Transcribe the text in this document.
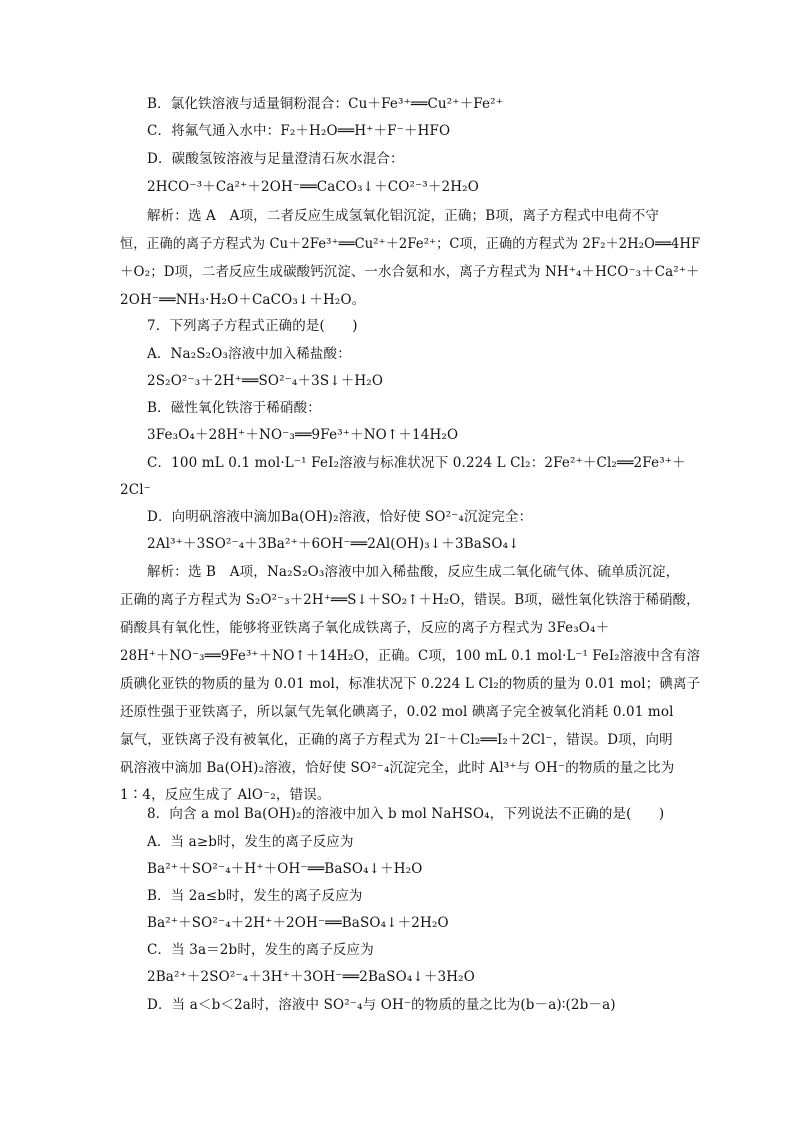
B．氯化铁溶液与适量铜粉混合：Cu＋Fe³⁺══Cu²⁺＋Fe²⁺
C．将氟气通入水中：F₂＋H₂O══H⁺＋F⁻＋HFO
D．碳酸氢铵溶液与足量澄清石灰水混合：
2HCO⁻³＋Ca²⁺＋2OH⁻══CaCO₃↓＋CO²⁻³＋2H₂O
解析：选 A　A项，二者反应生成氢氧化铝沉淀，正确；B项，离子方程式中电荷不守
恒，正确的离子方程式为 Cu＋2Fe³⁺══Cu²⁺＋2Fe²⁺；C项，正确的方程式为 2F₂＋2H₂O══4HF
＋O₂；D项，二者反应生成碳酸钙沉淀、一水合氨和水，离子方程式为 NH⁺₄＋HCO⁻₃＋Ca²⁺＋
2OH⁻══NH₃·H₂O＋CaCO₃↓＋H₂O。
7．下列离子方程式正确的是(　　)
A．Na₂S₂O₃溶液中加入稀盐酸：
2S₂O²⁻₃＋2H⁺══SO²⁻₄＋3S↓＋H₂O
B．磁性氧化铁溶于稀硝酸：
3Fe₃O₄＋28H⁺＋NO⁻₃══9Fe³⁺＋NO↑＋14H₂O
C．100 mL 0.1 mol·L⁻¹ FeI₂溶液与标准状况下 0.224 L Cl₂：2Fe²⁺＋Cl₂══2Fe³⁺＋
2Cl⁻
D．向明矾溶液中滴加Ba(OH)₂溶液，恰好使 SO²⁻₄沉淀完全：
2Al³⁺＋3SO²⁻₄＋3Ba²⁺＋6OH⁻══2Al(OH)₃↓＋3BaSO₄↓
解析：选 B　A项，Na₂S₂O₃溶液中加入稀盐酸，反应生成二氧化硫气体、硫单质沉淀，
正确的离子方程式为 S₂O²⁻₃＋2H⁺══S↓＋SO₂↑＋H₂O，错误。B项，磁性氧化铁溶于稀硝酸，
硝酸具有氧化性，能够将亚铁离子氧化成铁离子，反应的离子方程式为 3Fe₃O₄＋
28H⁺＋NO⁻₃══9Fe³⁺＋NO↑＋14H₂O，正确。C项，100 mL 0.1 mol·L⁻¹ FeI₂溶液中含有溶
质碘化亚铁的物质的量为 0.01 mol，标准状况下 0.224 L Cl₂的物质的量为 0.01 mol；碘离子
还原性强于亚铁离子，所以氯气先氧化碘离子，0.02 mol 碘离子完全被氧化消耗 0.01 mol
氯气，亚铁离子没有被氧化，正确的离子方程式为 2I⁻＋Cl₂══I₂＋2Cl⁻，错误。D项，向明
矾溶液中滴加 Ba(OH)₂溶液，恰好使 SO²⁻₄沉淀完全，此时 Al³⁺与 OH⁻的物质的量之比为
1∶4，反应生成了 AlO⁻₂，错误。
8．向含 a mol Ba(OH)₂的溶液中加入 b mol NaHSO₄，下列说法不正确的是(　　)
A．当 a≥b时，发生的离子反应为
Ba²⁺＋SO²⁻₄＋H⁺＋OH⁻══BaSO₄↓＋H₂O
B．当 2a≤b时，发生的离子反应为
Ba²⁺＋SO²⁻₄＋2H⁺＋2OH⁻══BaSO₄↓＋2H₂O
C．当 3a＝2b时，发生的离子反应为
2Ba²⁺＋2SO²⁻₄＋3H⁺＋3OH⁻══2BaSO₄↓＋3H₂O
D．当 a＜b＜2a时，溶液中 SO²⁻₄与 OH⁻的物质的量之比为(b－a)∶(2b－a)
